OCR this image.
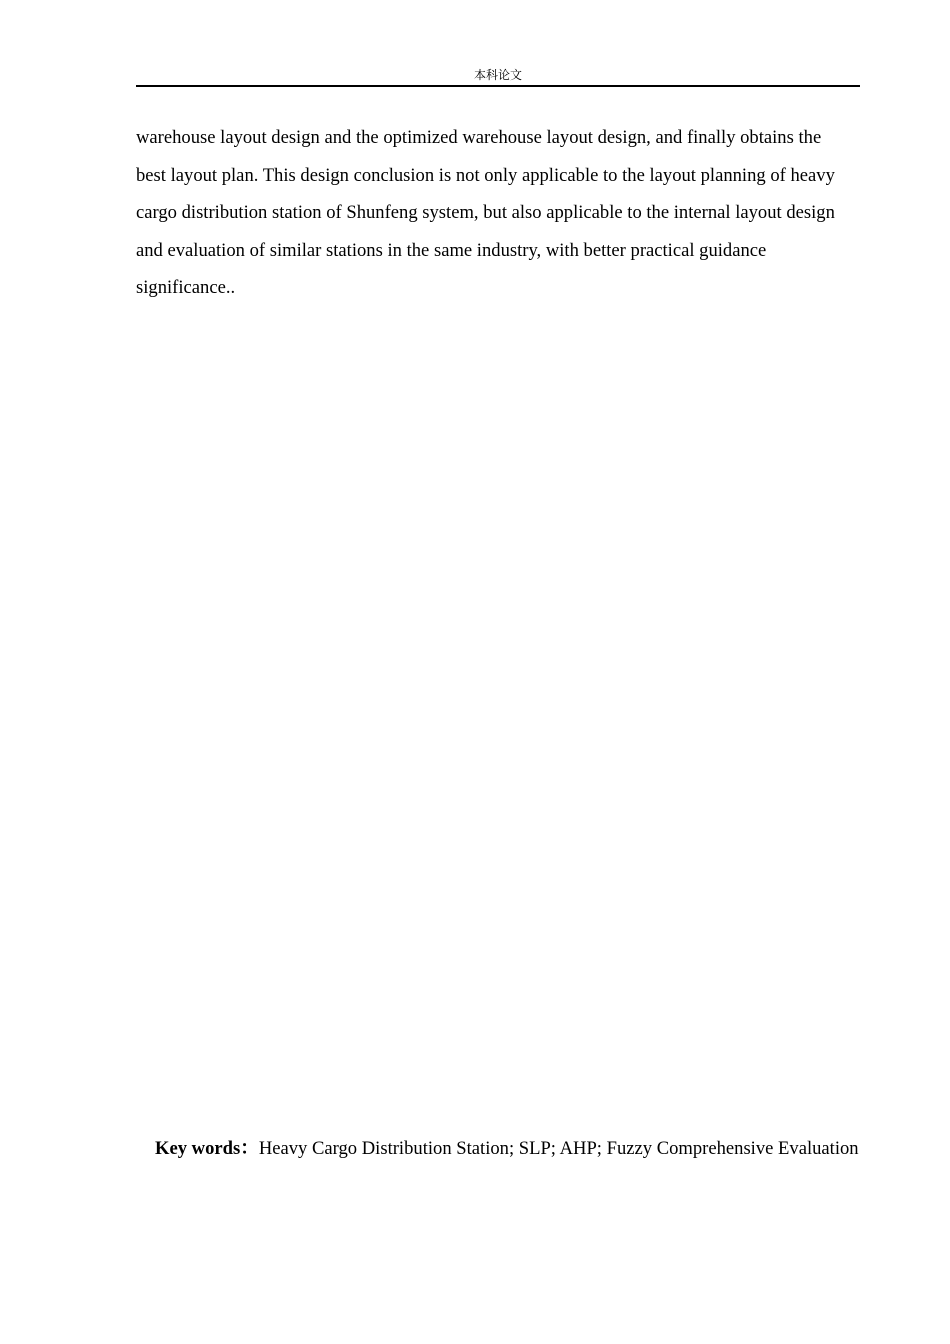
本科论文
warehouse layout design and the optimized warehouse layout design, and finally obtains the
best layout plan. This design conclusion is not only applicable to the layout planning of heavy
cargo distribution station of Shunfeng system, but also applicable to the internal layout design
and evaluation of similar stations in the same industry, with better practical guidance
significance..
Key words：Heavy Cargo Distribution Station; SLP; AHP; Fuzzy Comprehensive Evaluation
